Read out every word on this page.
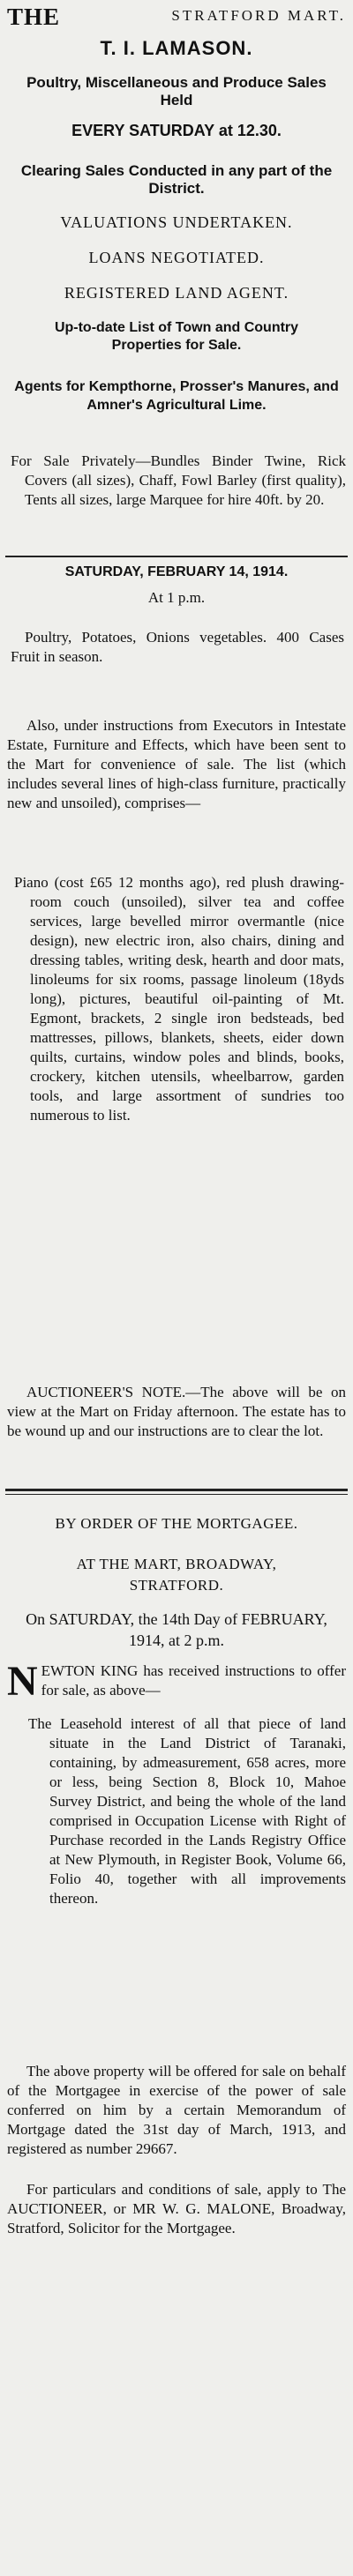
THE	STRATFORD MART.
T. I. LAMASON.
Poultry, Miscellaneous and Produce Sales Held
EVERY SATURDAY at 12.30.
Clearing Sales Conducted in any part of the District.
VALUATIONS UNDERTAKEN.
LOANS NEGOTIATED.
REGISTERED LAND AGENT.
Up-to-date List of Town and Country Properties for Sale.
Agents for Kempthorne, Prosser's Manures, and Amner's Agricultural Lime.
For Sale Privately—Bundles Binder Twine, Rick Covers (all sizes), Chaff, Fowl Barley (first quality), Tents all sizes, large Marquee for hire 40ft. by 20.
SATURDAY, FEBRUARY 14, 1914.
At 1 p.m.
Poultry, Potatoes, Onions vegetables. 400 Cases Fruit in season.
Also, under instructions from Executors in Intestate Estate, Furniture and Effects, which have been sent to the Mart for convenience of sale. The list (which includes several lines of high-class furniture, practically new and unsoiled), comprises—
Piano (cost £65 12 months ago), red plush drawing-room couch (unsoiled), silver tea and coffee services, large bevelled mirror overmantle (nice design), new electric iron, also chairs, dining and dressing tables, writing desk, hearth and door mats, linoleums for six rooms, passage linoleum (18yds long), pictures, beautiful oil-painting of Mt. Egmont, brackets, 2 single iron bedsteads, bed mattresses, pillows, blankets, sheets, eider down quilts, curtains, window poles and blinds, books, crockery, kitchen utensils, wheelbarrow, garden tools, and large assortment of sundries too numerous to list.
AUCTIONEER'S NOTE.—The above will be on view at the Mart on Friday afternoon. The estate has to be wound up and our instructions are to clear the lot.
BY ORDER OF THE MORTGAGEE.
AT THE MART, BROADWAY, STRATFORD.
On SATURDAY, the 14th Day of FEBRUARY, 1914, at 2 p.m.
N EWTON KING has received instructions to offer for sale, as above—

The Leasehold interest of all that piece of land situate in the Land District of Taranaki, containing, by admeasurement, 658 acres, more or less, being Section 8, Block 10, Mahoe Survey District, and being the whole of the land comprised in Occupation License with Right of Purchase recorded in the Lands Registry Office at New Plymouth, in Register Book, Volume 66, Folio 40, together with all improvements thereon.
The above property will be offered for sale on behalf of the Mortgagee in exercise of the power of sale conferred on him by a certain Memorandum of Mortgage dated the 31st day of March, 1913, and registered as number 29667.
For particulars and conditions of sale, apply to The AUCTIONEER, or MR W. G. MALONE, Broadway, Stratford, Solicitor for the Mortgagee.
